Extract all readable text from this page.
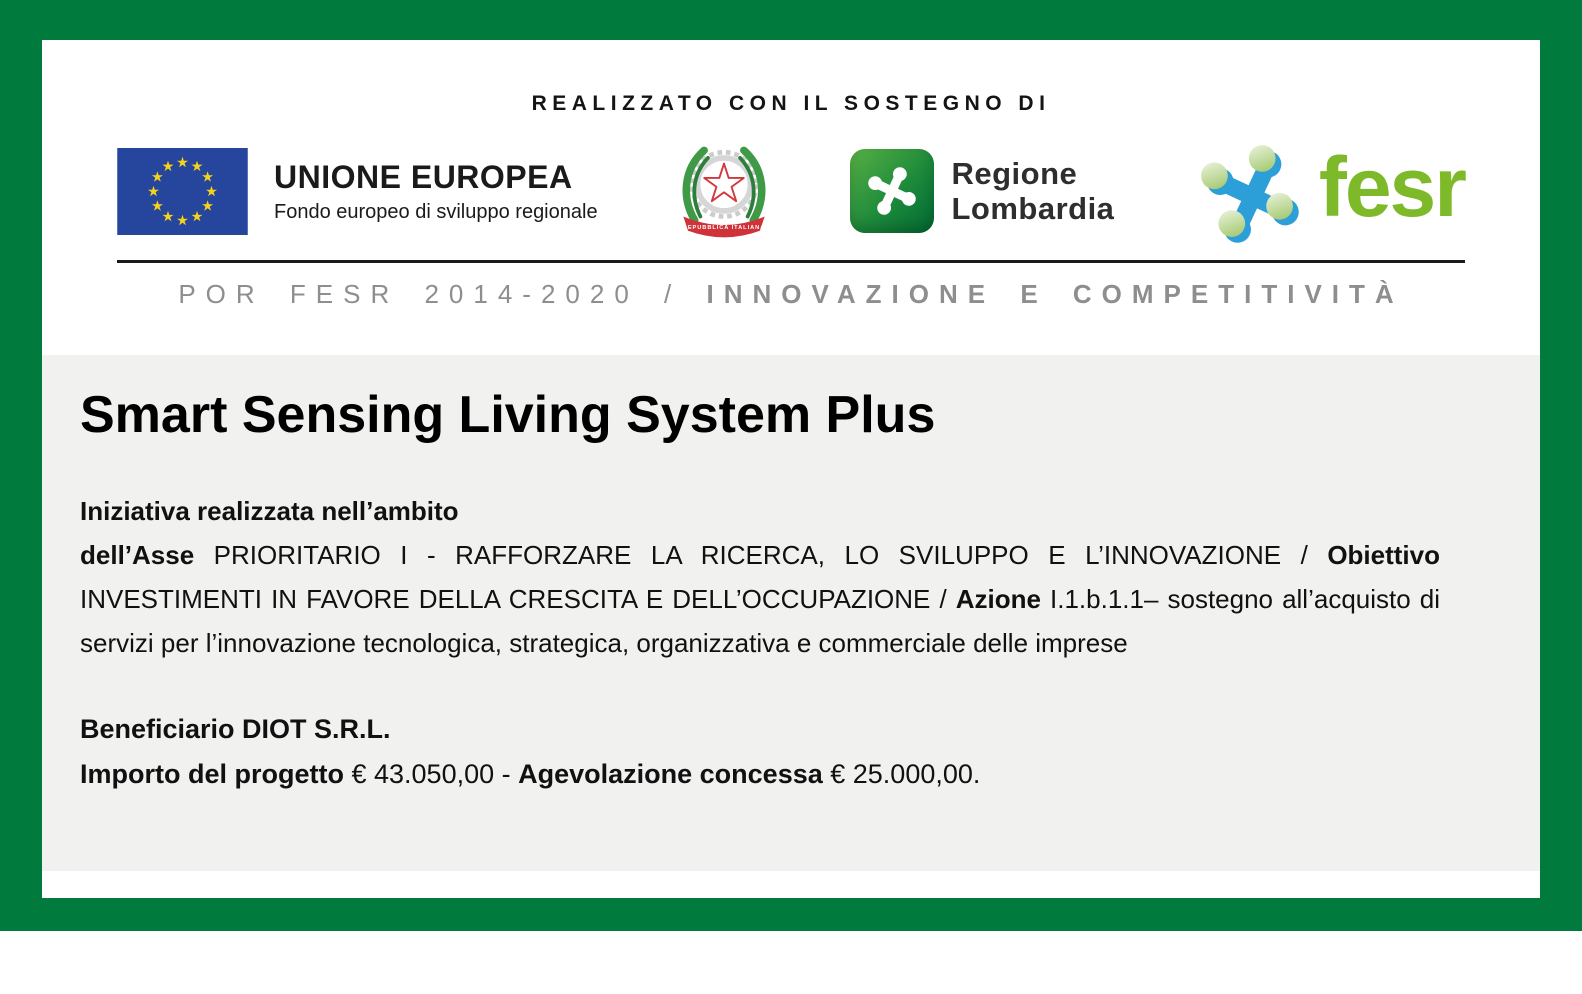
REALIZZATO CON IL SOSTEGNO DI
UNIONE EUROPEA
Fondo europeo di sviluppo regionale
REPUBBLICA ITALIANA
Regione
Lombardia fesr
POR FESR 2014-2020 / INNOVAZIONE E COMPETITIVITÀ
Smart Sensing Living System Plus
Iniziativa realizzata nell’ambito

dell’Asse PRIORITARIO I - RAFFORZARE LA RICERCA, LO SVILUPPO E L’INNOVAZIONE / Obiettivo INVESTIMENTI IN FAVORE DELLA CRESCITA E DELL’OCCUPAZIONE / Azione I.1.b.1.1– sostegno all’acquisto di servizi per l’innovazione tecnologica, strategica, organizzativa e commerciale delle imprese

Beneficiario DIOT S.R.L.
Importo del progetto € 43.050,00 - Agevolazione concessa € 25.000,00.
